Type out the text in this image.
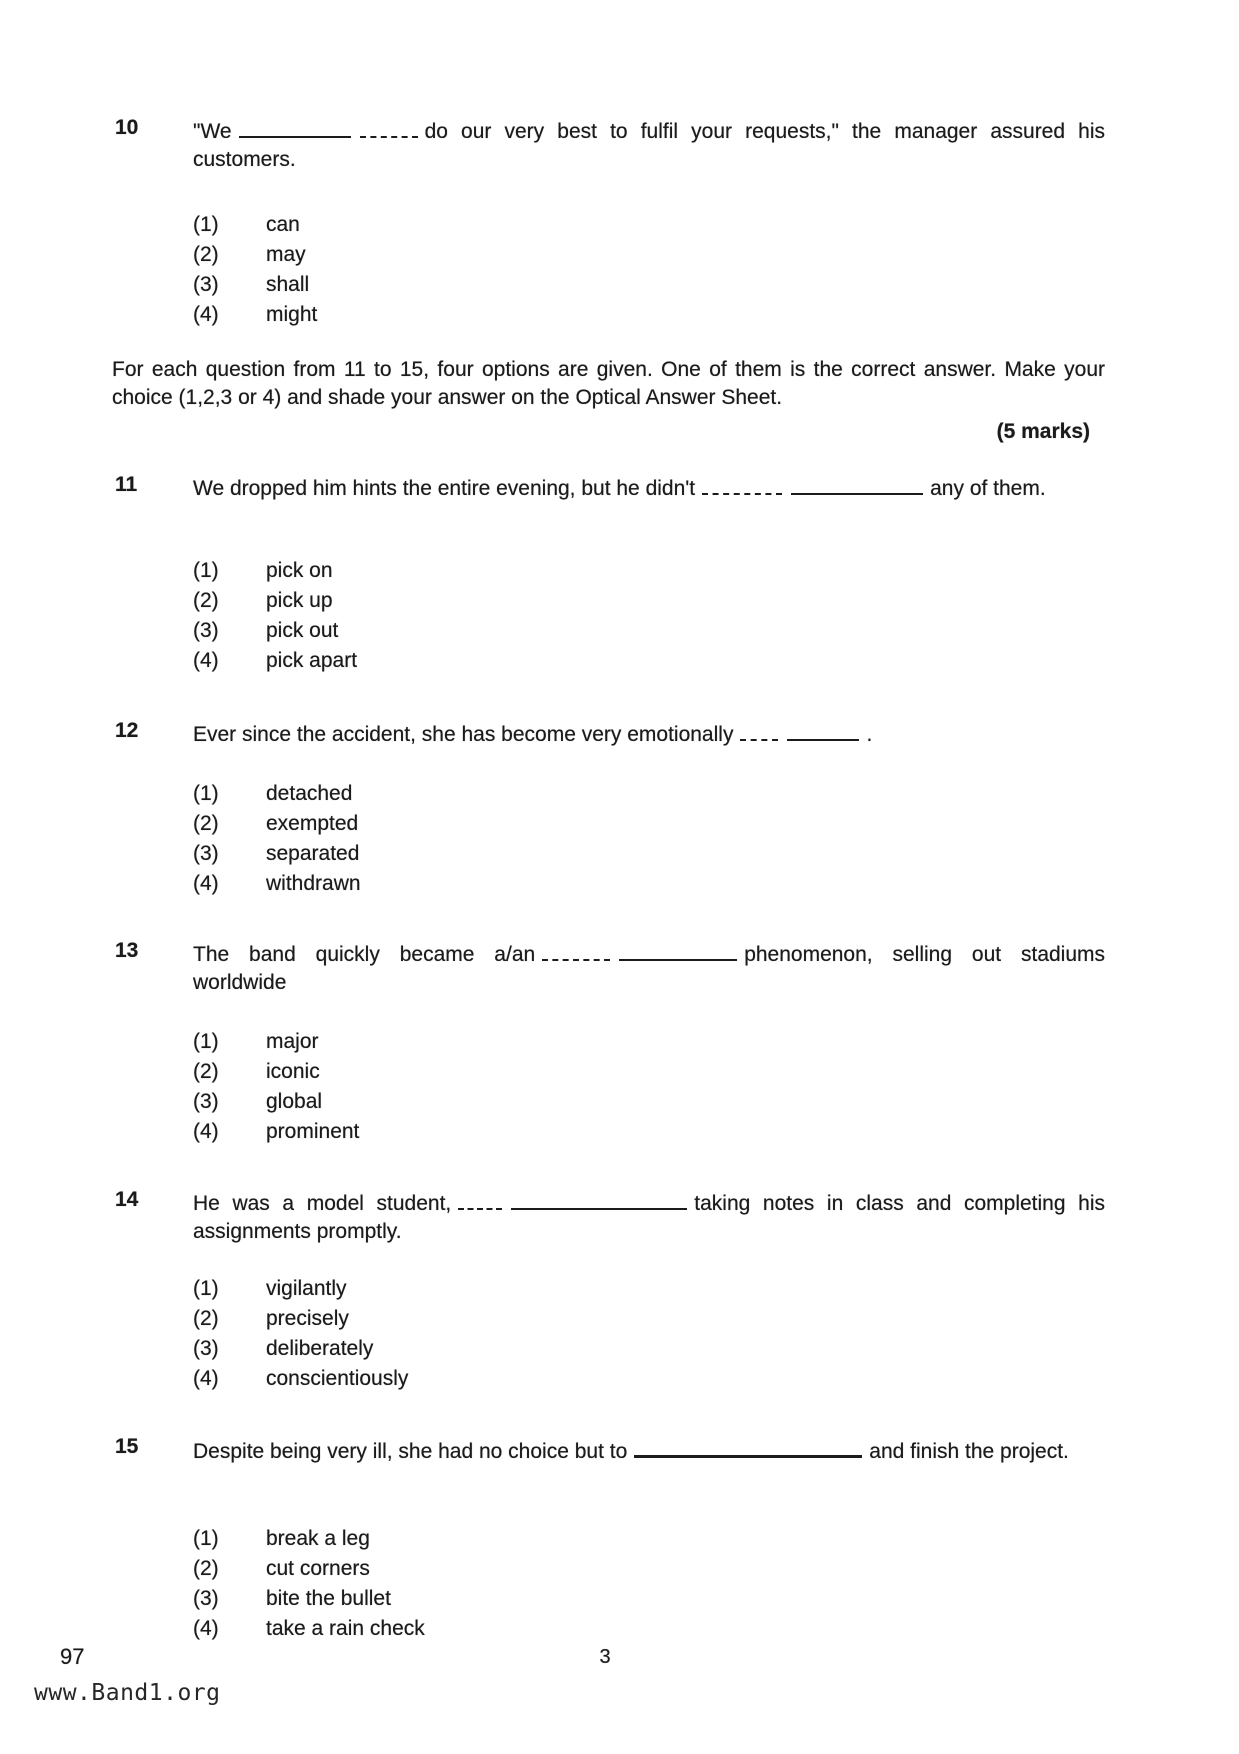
10	"We	do our very best to fulfil your requests," the manager assured his customers.

(1) can
(2) may
(3) shall
(4) might

For each question from 11 to 15, four options are given. One of them is the correct answer. Make your choice (1,2,3 or 4) and shade your answer on the Optical Answer Sheet.

(5 marks)
11	We dropped him hints the entire evening, but he didn't	any of them.

(1) pick on
(2) pick up
(3) pick out
(4) pick apart
12	Ever since the accident, she has become very emotionally	.

(1) detached
(2) exempted
(3) separated
(4) withdrawn
13	The band quickly became a/an	phenomenon, selling out stadiums worldwide

(1) major
(2) iconic
(3) global
(4) prominent
14	He was a model student,	taking notes in class and completing his assignments promptly.

(1) vigilantly
(2) precisely
(3) deliberately
(4) conscientiously
15	Despite being very ill, she had no choice but to	and finish the project.

(1) break a leg
(2) cut corners
(3) bite the bullet
(4) take a rain check
97	3
www.Band1.org
